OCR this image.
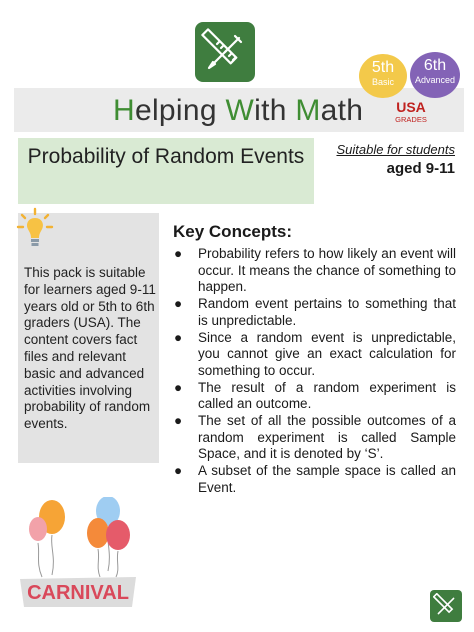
Helping With Math
5th
Basic
6th
Advanced
USA
GRADES
Probability of Random Events	Suitable for students
aged 9-11
This pack is suitable for learners aged 9-11 years old or 5th to 6th graders (USA). The content covers fact files and relevant basic and advanced activities involving probability of random events.
Key Concepts:
● Probability refers to how likely an event will occur. It means the chance of something to happen.
● Random event pertains to something that is unpredictable.
● Since a random event is unpredictable, you cannot give an exact calculation for something to occur.
● The result of a random experiment is called an outcome.
● The set of all the possible outcomes of a random experiment is called Sample Space, and it is denoted by ‘S’.
● A subset of the sample space is called an Event.
CARNIVAL
